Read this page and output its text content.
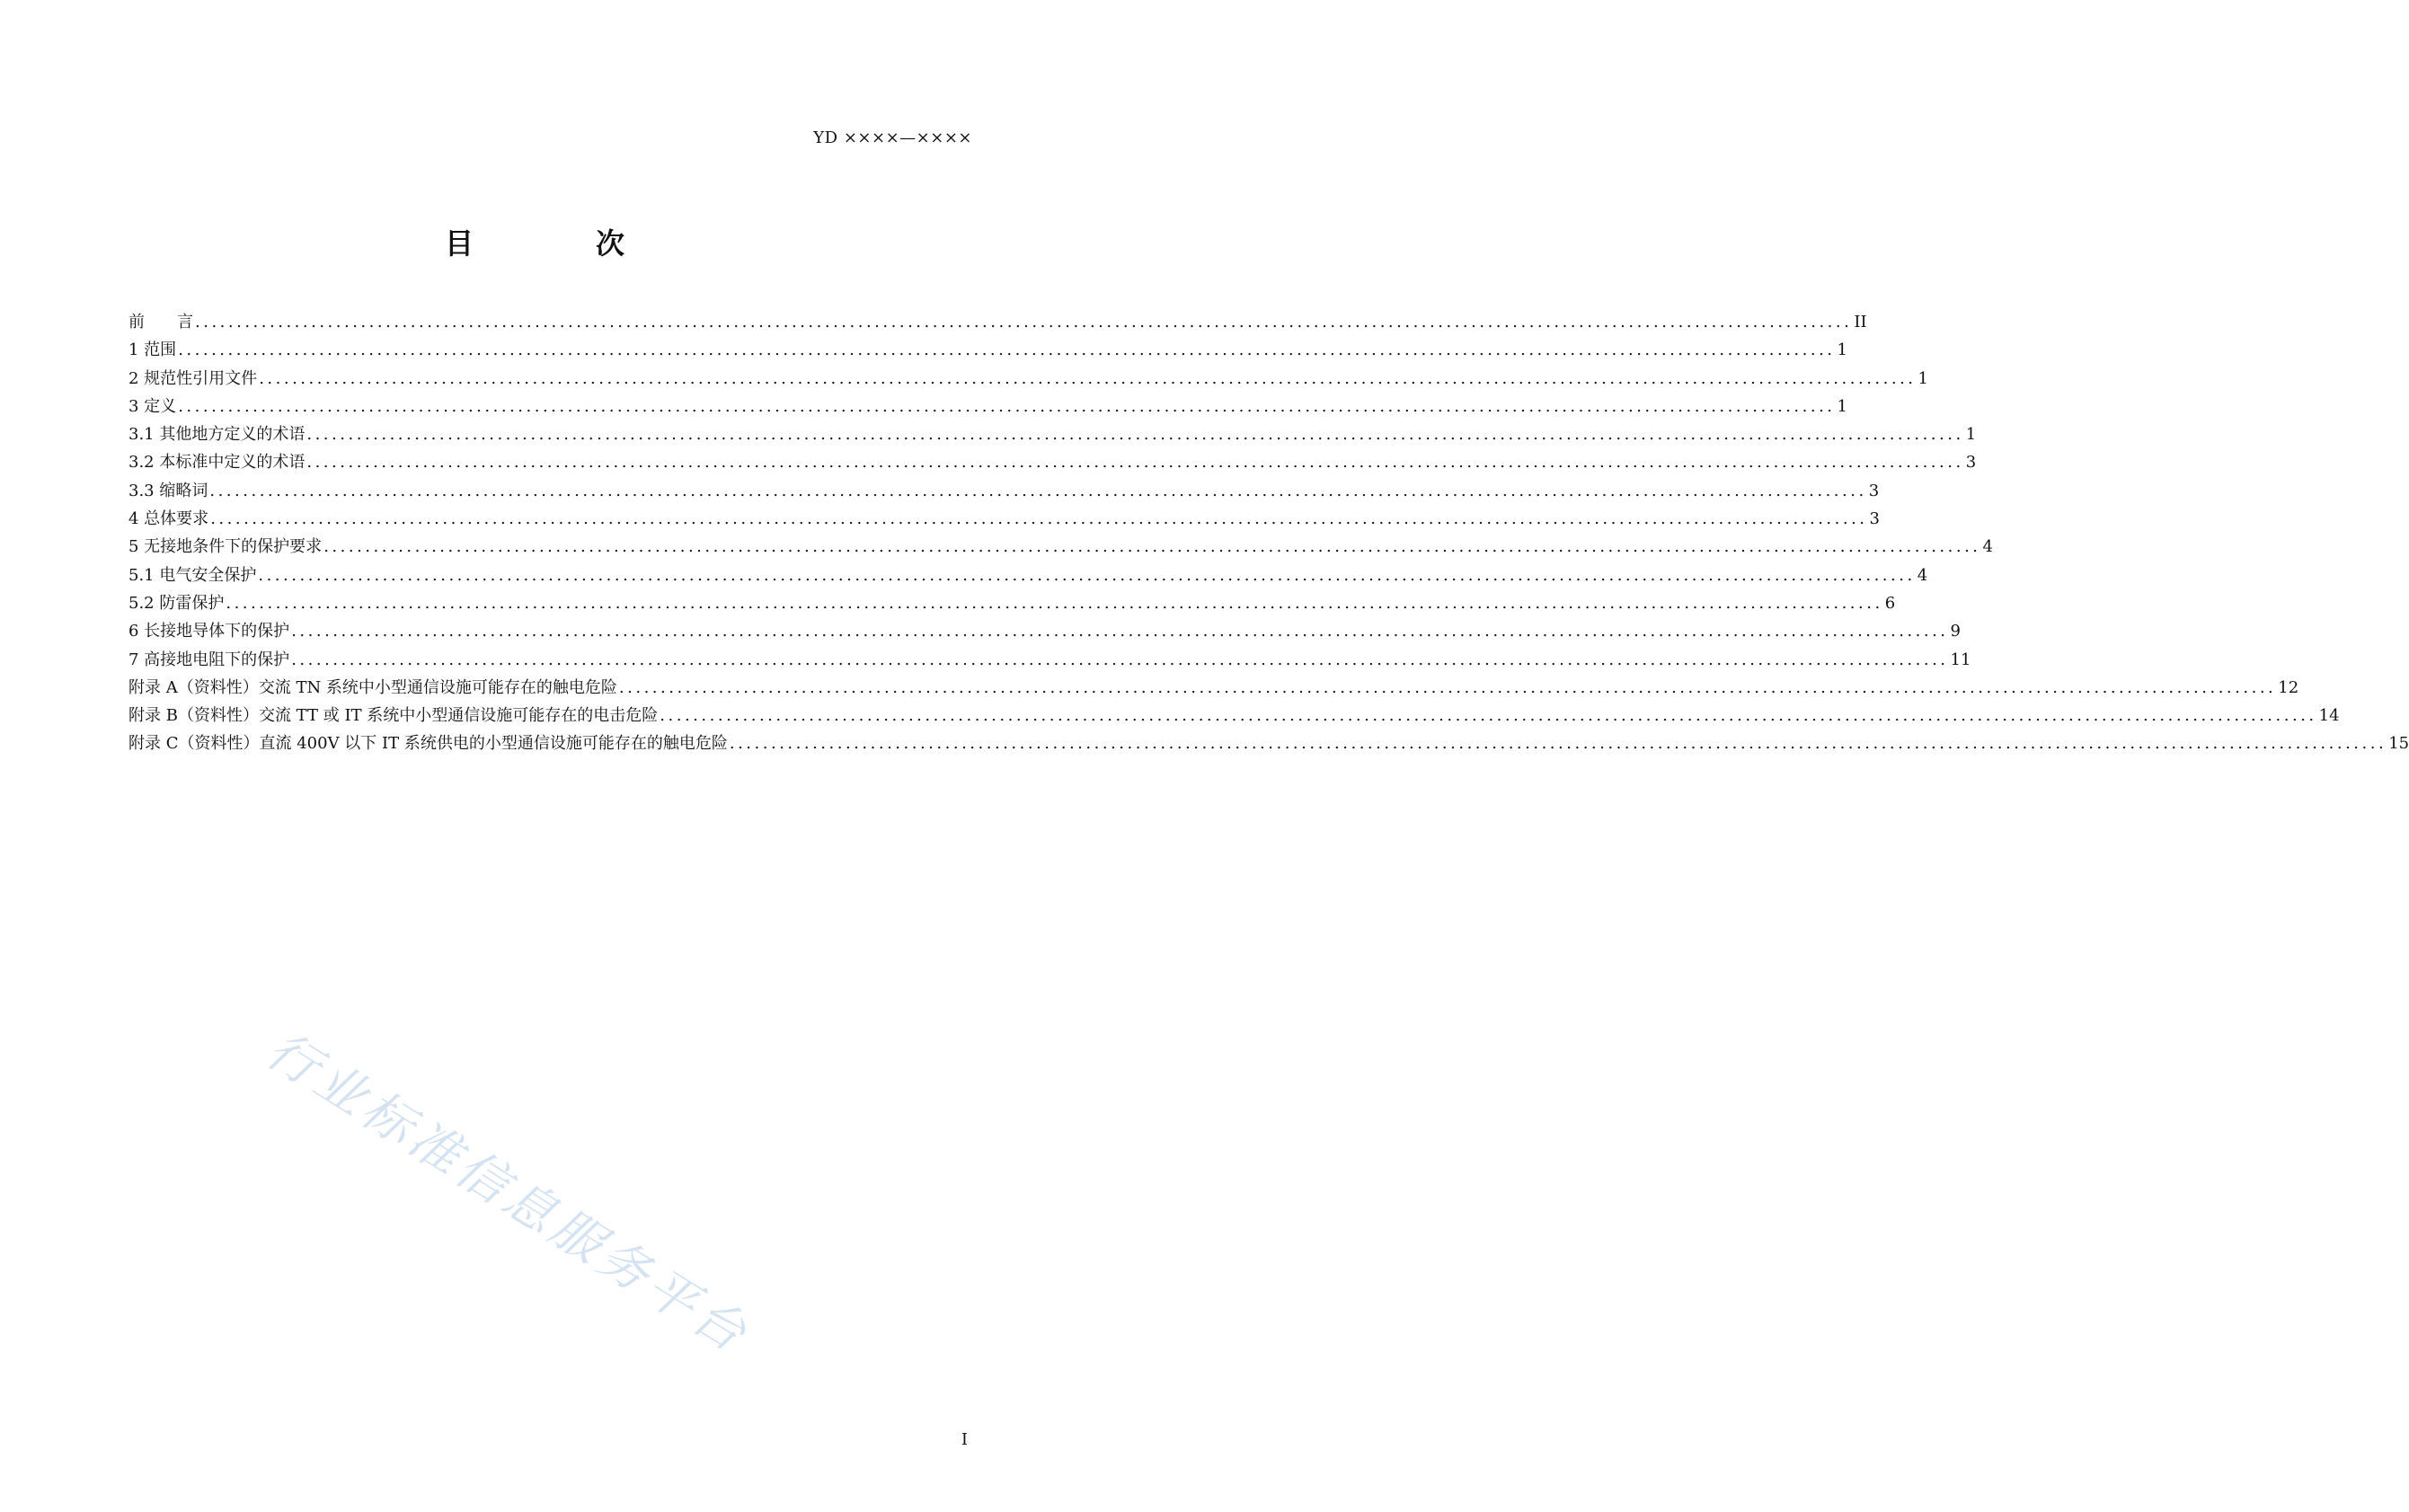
YD ××××—××××
目　次
前　　言 ........................................................................................................................................................................................................ II
1 范围 ........................................................................................................................................................................................................ 1
2 规范性引用文件 ........................................................................................................................................................................................................ 1
3 定义 ........................................................................................................................................................................................................ 1
3.1 其他地方定义的术语 ........................................................................................................................................................................................................ 1
3.2 本标准中定义的术语 ........................................................................................................................................................................................................ 3
3.3 缩略词 ........................................................................................................................................................................................................ 3
4 总体要求 ........................................................................................................................................................................................................ 3
5 无接地条件下的保护要求 ........................................................................................................................................................................................................ 4
5.1 电气安全保护 ........................................................................................................................................................................................................ 4
5.2 防雷保护 ........................................................................................................................................................................................................ 6
6 长接地导体下的保护 ........................................................................................................................................................................................................ 9
7 高接地电阻下的保护 ........................................................................................................................................................................................................ 11
附录 A（资料性）交流 TN 系统中小型通信设施可能存在的触电危险 ........................................................................................................................................................................................................ 12
附录 B（资料性）交流 TT 或 IT 系统中小型通信设施可能存在的电击危险 ........................................................................................................................................................................................................ 14
附录 C（资料性）直流 400V 以下 IT 系统供电的小型通信设施可能存在的触电危险 ........................................................................................................................................................................................................ 15
行业标准信息服务平台
I
